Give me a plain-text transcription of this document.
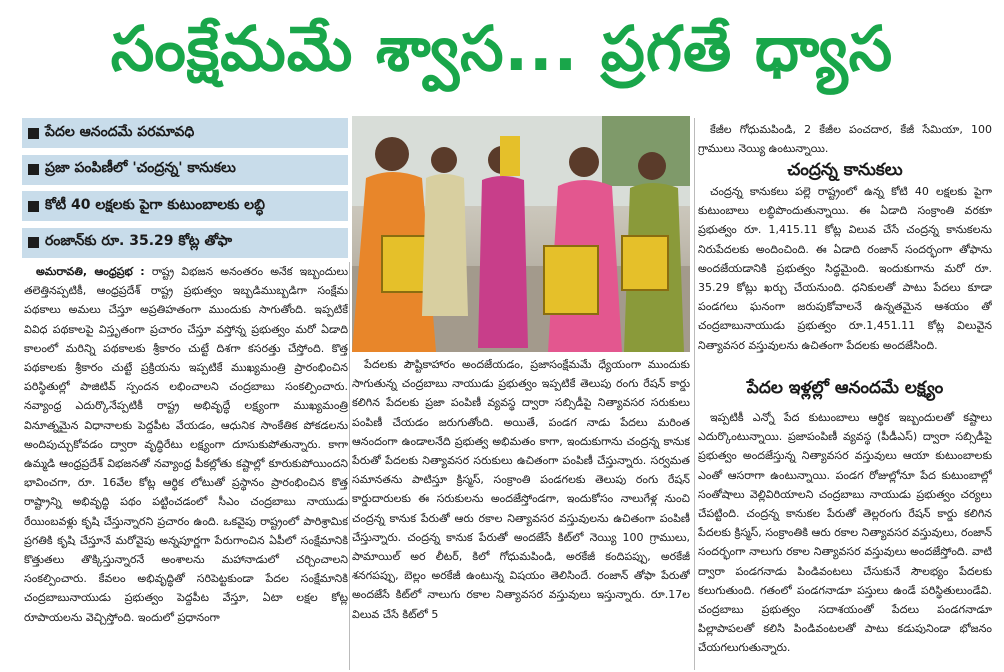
సంక్షేమమే శ్వాస... ప్రగతే ధ్యాస
పేదల ఆనందమే పరమావధి
ప్రజా పంపిణీలో 'చంద్రన్న' కానుకలు
కోటీ 40 లక్షలకు పైగా కుటుంబాలకు లబ్ధి
రంజాన్‌కు రూ. 35.29 కోట్ల తోఫా

అమరావతి, ఆంధ్రప్రభ : రాష్ట్ర విభజన అనంతరం అనేక ఇబ్బందులు తలెత్తినప్పటికీ, ఆంధ్రప్రదేశ్ రాష్ట్ర ప్రభుత్వం ఇబ్బడిముబ్బడిగా సంక్షేమ పథకాలు అమలు చేస్తూ అప్రతిహతంగా ముందుకు సాగుతోంది. ఇప్పటికే వివిధ పథకాలపై విస్తృతంగా ప్రచారం చేస్తూ వస్తోన్న ప్రభుత్వం మరో ఏడాది కాలంలో మరిన్ని పథకాలకు శ్రీకారం చుట్టే దిశగా కసరత్తు చేస్తోంది. కొత్త పథకాలకు శ్రీకారం చుట్టే ప్రక్రియను ఇప్పటికే ముఖ్యమంత్రి ప్రారంభించిన పరిస్థితుల్లో పాజిటివ్ స్పందన లభించాలని చంద్రబాబు సంకల్పించారు. నవ్యాంధ్ర ఎదుర్కొనేప్పటికీ రాష్ట్ర అభివృద్ధే లక్ష్యంగా ముఖ్యమంత్రి వినూత్నమైన విధానాలకు పెద్దపీట వేయడం, ఆధునిక సాంకేతిక పోకడలను అందిపుచ్చుకోవడం ద్వారా వృద్ధిరేటు లక్ష్యంగా దూసుకుపోతున్నారు. కాగా ఉమ్మడి ఆంధ్రప్రదేశ్ విభజనతో నవ్యాంధ్ర పీకల్లోతు కష్టాల్లో కూరుకుపోయిందని భావించగా, రూ. 16వేల కోట్ల ఆర్థిక లోటుతో ప్రస్థానం ప్రారంభించిన కొత్త రాష్ట్రాన్ని అభివృద్ధి పథం పట్టించడంలో సీఎం చంద్రబాబు నాయుడు రేయింబవళ్లు కృషి చేస్తున్నారని ప్రచారం ఉంది. ఒకవైపు రాష్ట్రంలో పారిశ్రామిక ప్రగతికి కృషి చేస్తూనే మరోవైపు అన్నపూర్ణగా పేరుగాంచిన ఏపీలో సంక్షేమానికి కొత్తుతలు తొక్కిస్తున్నారనే అంశాలను మహానాడులో చర్చించాలని సంకల్పించారు. కేవలం అభివృద్ధితో సరిపెట్టకుండా పేదల సంక్షేమానికి చంద్రబాబునాయుడు ప్రభుత్వం పెద్దపీట వేస్తూ, ఏటా లక్షల కోట్ల రూపాయలను వెచ్చిస్తోంది. ఇందులో ప్రధానంగా

పేదలకు పౌష్టికాహారం అందజేయడం, ప్రజాసంక్షేమమే ధ్యేయంగా ముందుకు సాగుతున్న చంద్రబాబు నాయుడు ప్రభుత్వం ఇప్పటికే తెలుపు రంగు రేషన్ కార్డు కలిగిన పేదలకు ప్రజా పంపిణీ వ్యవస్థ ద్వారా సబ్సిడీపై నిత్యావసర సరుకులు పంపిణీ చేయడం జరుగుతోంది. అయితే, పండగ నాడు పేదలు మరింత ఆనందంగా ఉండాలనేది ప్రభుత్వ అభిమతం కాగా, ఇందుకుగాను చంద్రన్న కానుక పేరుతో పేదలకు నిత్యావసర సరుకులు ఉచితంగా పంపిణీ చేస్తున్నారు. సర్వమత సమానతను పాటిస్తూ క్రిస్మస్, సంక్రాంతి పండగలకు తెలుపు రంగు రేషన్ కార్డుదారులకు ఈ సరుకులను అందజేస్తోండగా, ఇందుకోసం నాలుగేళ్ల నుంచి చంద్రన్న కానుక పేరుతో ఆరు రకాల నిత్యావసర వస్తువులను ఉచితంగా పంపిణీ చేస్తున్నారు. చంద్రన్న కానుక పేరుతో అందజేసే కిట్‌లో నెయ్యి 100 గ్రాములు, పామాయిల్ అర లీటర్, కిలో గోధుమపిండి, అరకేజీ కందిపప్పు, అరకేజీ శనగపప్పు, బెల్లం అరకేజీ ఉంటున్న విషయం తెలిసిందే. రంజాన్ తోఫా పేరుతో అందజేసే కిట్‌లో నాలుగు రకాల నిత్యావసర వస్తువులు ఇస్తున్నారు. రూ.17ల విలువ చేసే కిట్‌లో 5

కేజీల గోధుమపిండి, 2 కేజీల పంచదార, కేజీ సేమియా, 100 గ్రాములు నెయ్యి ఉంటున్నాయి.

చంద్రన్న కానుకలు

చంద్రన్న కానుకలు పల్లె రాష్ట్రంలో ఉన్న కోటి 40 లక్షలకు పైగా కుటుంబాలు లబ్ధిపొందుతున్నాయి. ఈ ఏడాది సంక్రాంతి వరకూ ప్రభుత్వం రూ. 1,415.11 కోట్ల విలువ చేసే చంద్రన్న కానుకలను నిరుపేదలకు అందించింది. ఈ ఏడాది రంజాన్ సందర్భంగా తోఫాను అందజేయడానికి ప్రభుత్వం సిద్ధమైంది. ఇందుకుగాను మరో రూ. 35.29 కోట్లు ఖర్చు చేయనుంది. ధనికులతో పాటు పేదలు కూడా పండగలు ఘనంగా జరుపుకోవాలనే ఉన్నతమైన ఆశయం తో చంద్రబాబునాయుడు ప్రభుత్వం రూ.1,451.11 కోట్ల విలువైన నిత్యావసర వస్తువులను ఉచితంగా పేదలకు అందజేసింది.

పేదల ఇళ్లల్లో ఆనందమే లక్ష్యం

ఇప్పటికీ ఎన్నో పేద కుటుంబాలు ఆర్థిక ఇబ్బందులతో కష్టాలు ఎదుర్కొంటున్నాయి. ప్రజాపంపిణీ వ్యవస్థ (పీడీఎస్) ద్వారా సబ్సిడీపై ప్రభుత్వం అందజేస్తున్న నిత్యావసర వస్తువులు ఆయా కుటుంబాలకు ఎంతో ఆసరాగా ఉంటున్నాయి. పండగ రోజుల్లోనూ పేద కుటుంబాల్లో సంతోషాలు వెల్లివిరియాలని చంద్రబాబు నాయుడు ప్రభుత్వం చర్యలు చేపట్టింది. చంద్రన్న కానుకల పేరుతో తెల్లరంగు రేషన్ కార్డు కలిగిన పేదలకు క్రిస్మస్, సంక్రాంతికి ఆరు రకాల నిత్యావసర వస్తువులు, రంజాన్ సందర్భంగా నాలుగు రకాల నిత్యావసర వస్తువులు అందజేస్తోంది. వాటి ద్వారా పండగనాడు పిండివంటలు చేసుకునే సౌలభ్యం పేదలకు కలుగుతుంది. గతంలో పండగనాడూ పస్తులు ఉండే పరిస్థితులుండేవి. చంద్రబాబు ప్రభుత్వం సదాశయంతో పేదలు పండగనాడూ పిల్లాపాపలతో కలిసి పిండివంటలతో పాటు కడుపునిండా భోజనం చేయగలుగుతున్నారు.
